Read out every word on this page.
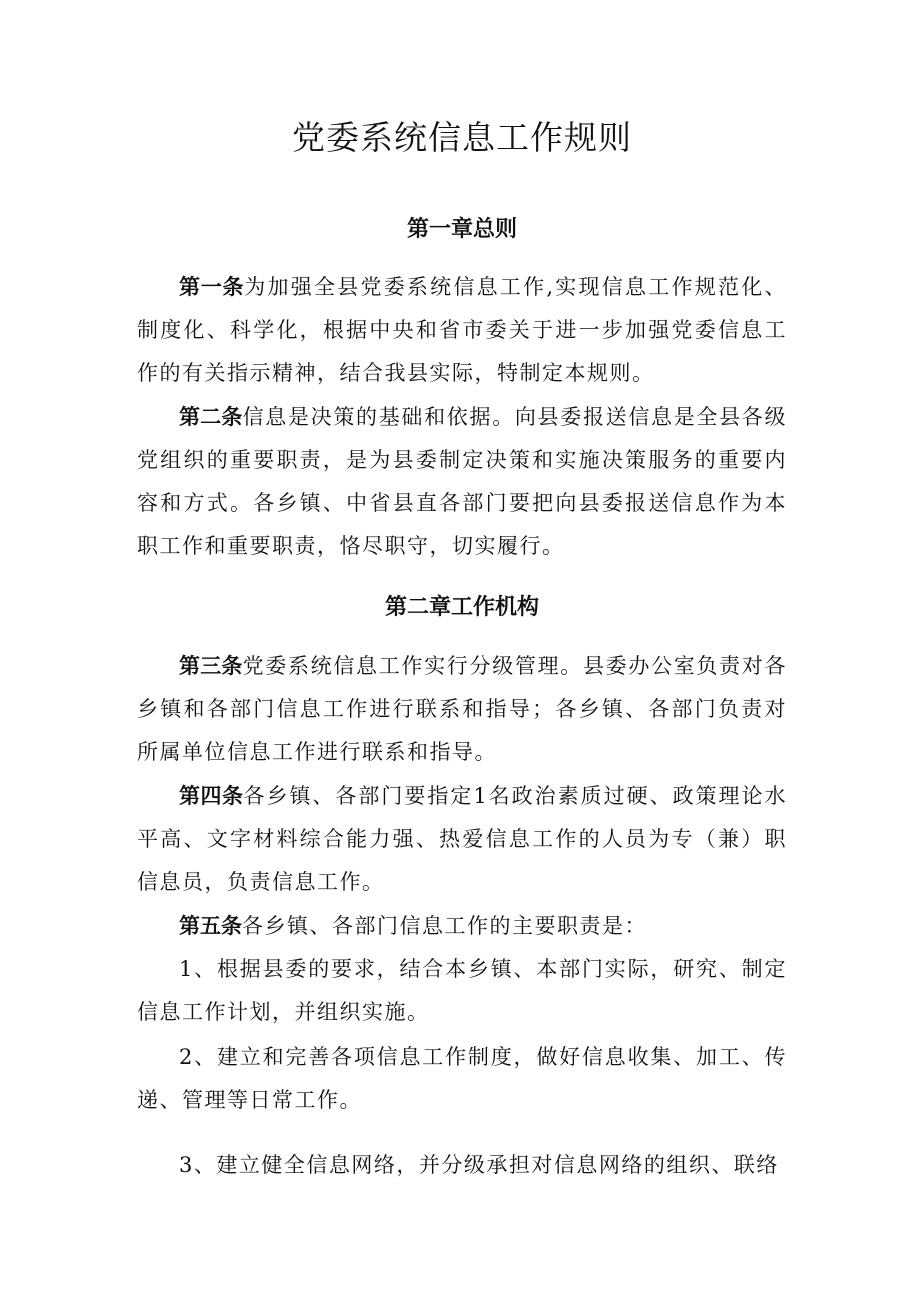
党委系统信息工作规则
第一章总则

第一条为加强全县党委系统信息工作,实现信息工作规范化、制度化、科学化，根据中央和省市委关于进一步加强党委信息工作的有关指示精神，结合我县实际，特制定本规则。

第二条信息是决策的基础和依据。向县委报送信息是全县各级党组织的重要职责，是为县委制定决策和实施决策服务的重要内容和方式。各乡镇、中省县直各部门要把向县委报送信息作为本职工作和重要职责，恪尽职守，切实履行。

第二章工作机构

第三条党委系统信息工作实行分级管理。县委办公室负责对各乡镇和各部门信息工作进行联系和指导；各乡镇、各部门负责对所属单位信息工作进行联系和指导。

第四条各乡镇、各部门要指定1名政治素质过硬、政策理论水平高、文字材料综合能力强、热爱信息工作的人员为专（兼）职信息员，负责信息工作。

第五条各乡镇、各部门信息工作的主要职责是：

1、根据县委的要求，结合本乡镇、本部门实际，研究、制定信息工作计划，并组织实施。

2、建立和完善各项信息工作制度，做好信息收集、加工、传递、管理等日常工作。

3、建立健全信息网络，并分级承担对信息网络的组织、联络
